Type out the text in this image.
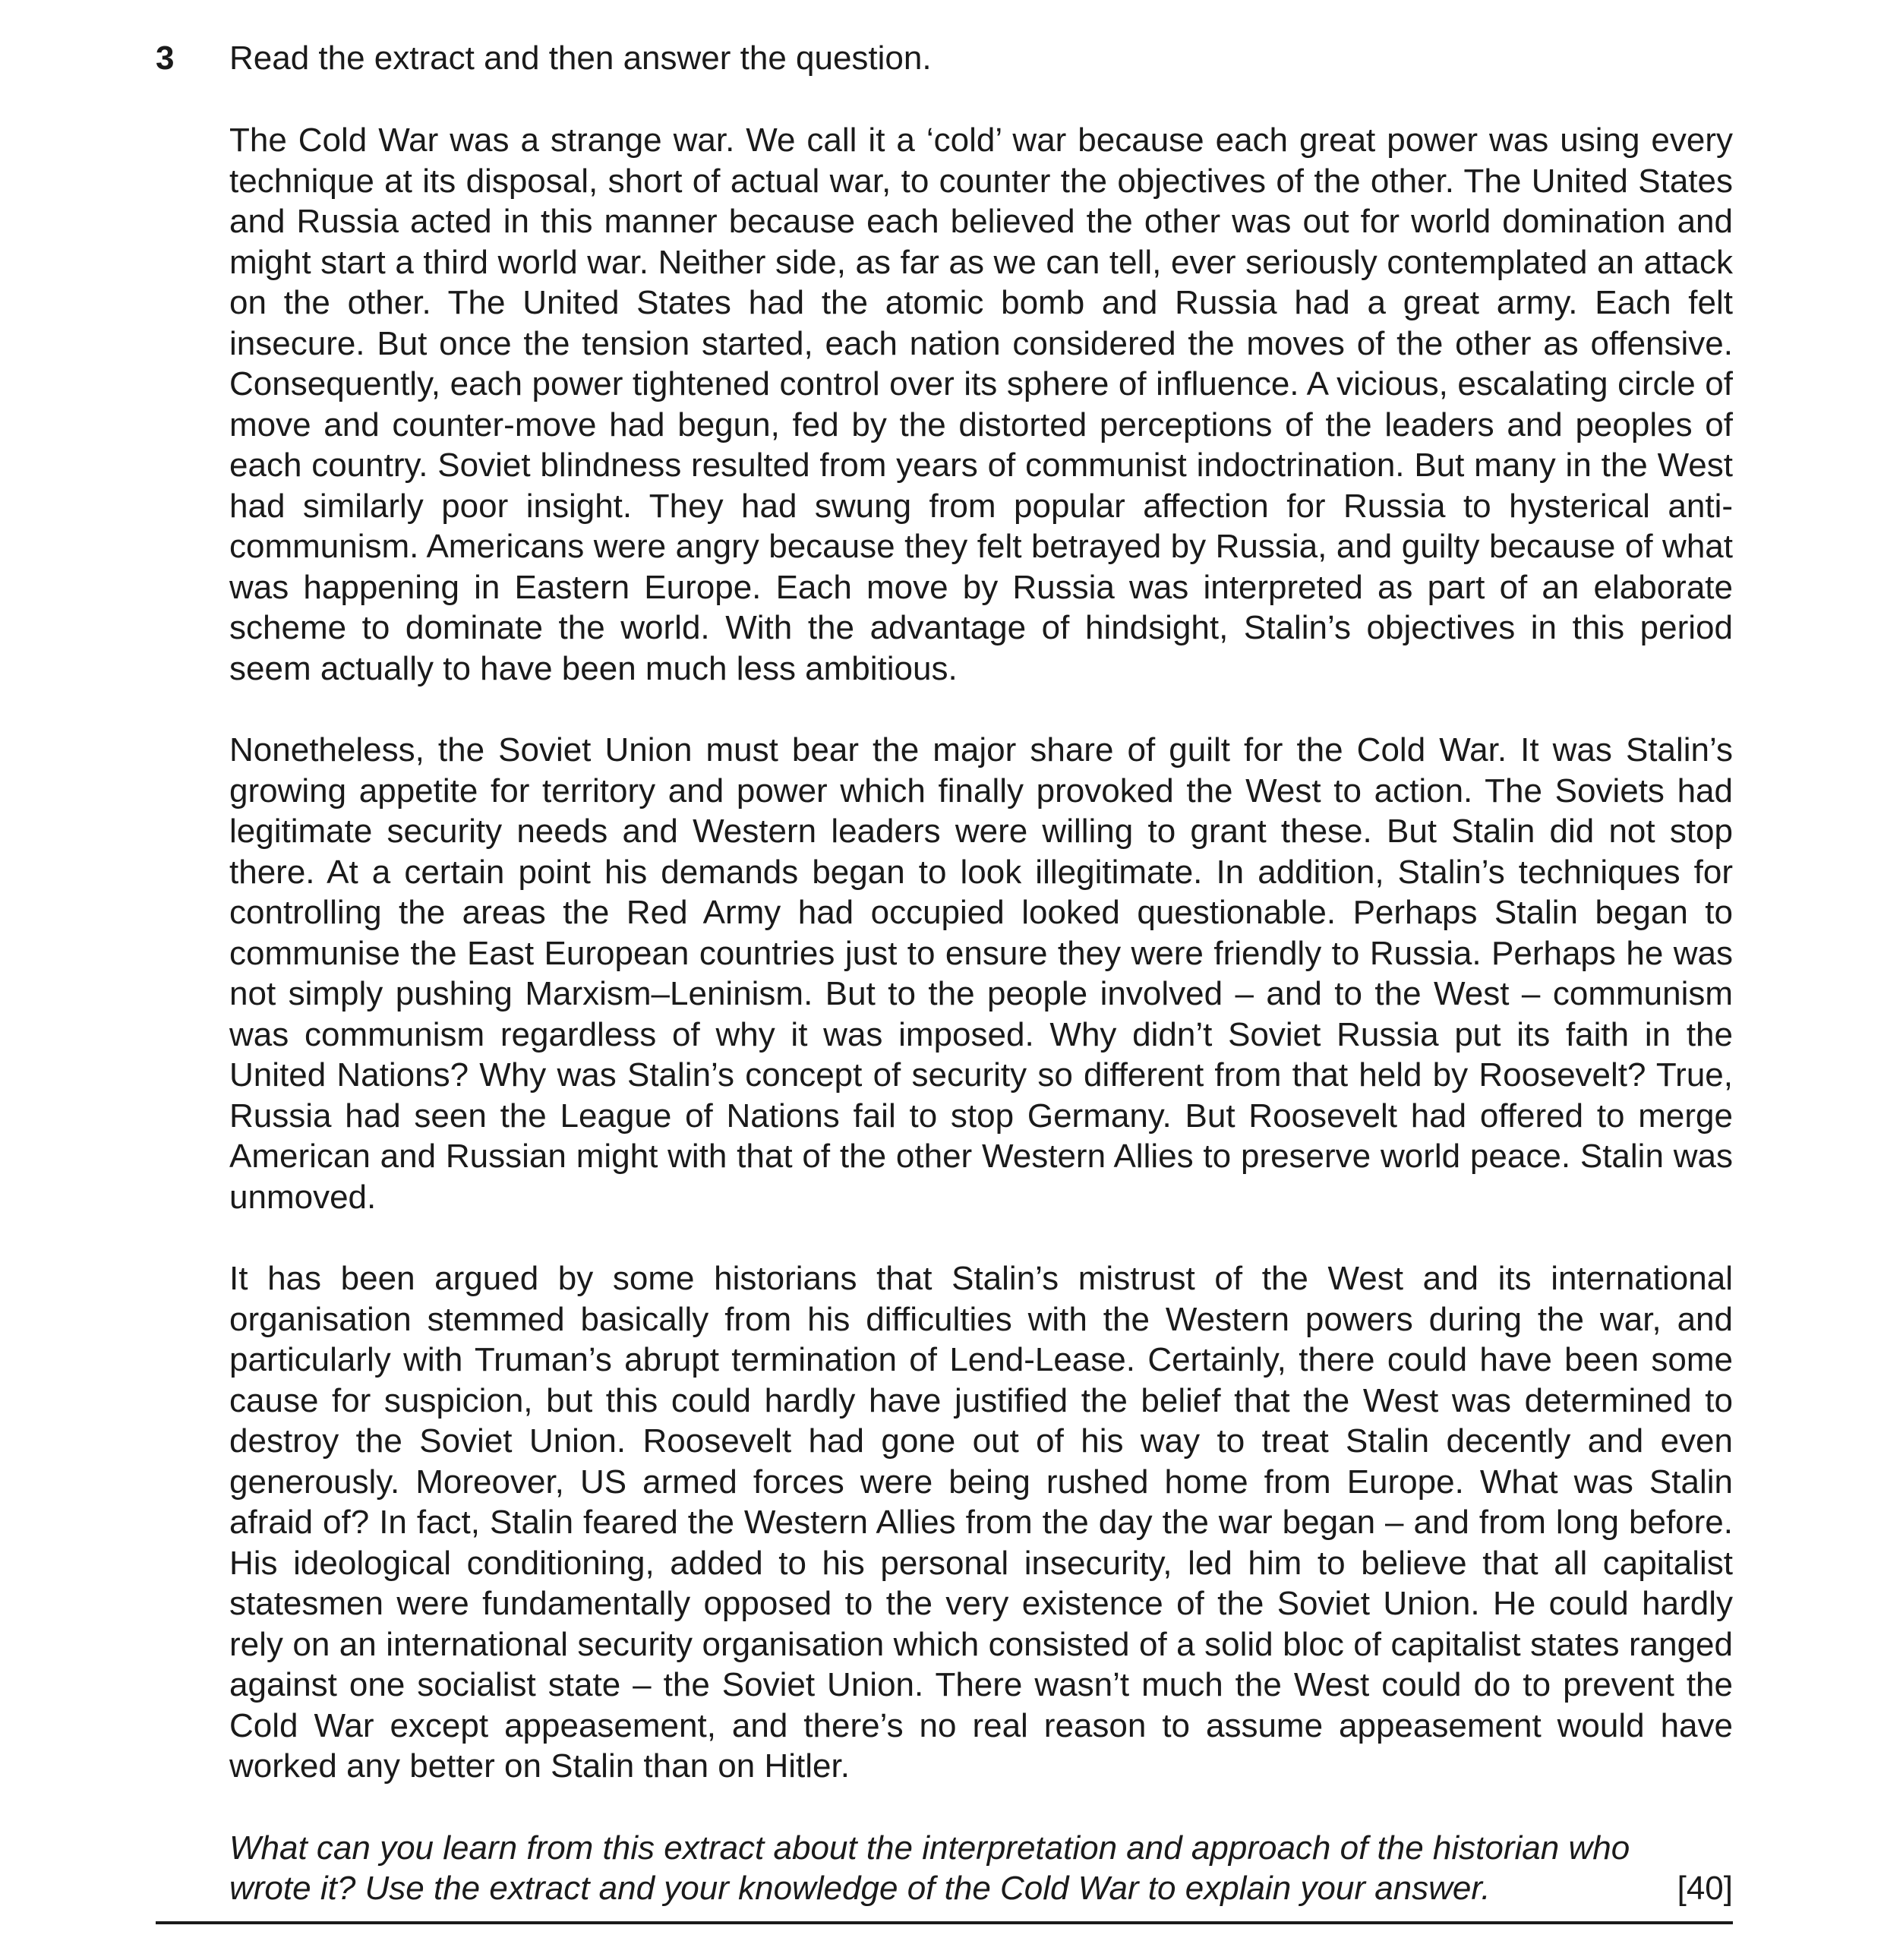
3 Read the extract and then answer the question.

The Cold War was a strange war. We call it a ‘cold’ war because each great power was using every technique at its disposal, short of actual war, to counter the objectives of the other. The United States and Russia acted in this manner because each believed the other was out for world domination and might start a third world war. Neither side, as far as we can tell, ever seriously contemplated an attack on the other. The United States had the atomic bomb and Russia had a great army. Each felt insecure. But once the tension started, each nation considered the moves of the other as offensive. Consequently, each power tightened control over its sphere of influence. A vicious, escalating circle of move and counter-move had begun, fed by the distorted perceptions of the leaders and peoples of each country. Soviet blindness resulted from years of communist indoctrination. But many in the West had similarly poor insight. They had swung from popular affection for Russia to hysterical anti-communism. Americans were angry because they felt betrayed by Russia, and guilty because of what was happening in Eastern Europe. Each move by Russia was interpreted as part of an elaborate scheme to dominate the world. With the advantage of hindsight, Stalin’s objectives in this period seem actually to have been much less ambitious.

Nonetheless, the Soviet Union must bear the major share of guilt for the Cold War. It was Stalin’s growing appetite for territory and power which finally provoked the West to action. The Soviets had legitimate security needs and Western leaders were willing to grant these. But Stalin did not stop there. At a certain point his demands began to look illegitimate. In addition, Stalin’s techniques for controlling the areas the Red Army had occupied looked questionable. Perhaps Stalin began to communise the East European countries just to ensure they were friendly to Russia. Perhaps he was not simply pushing Marxism–Leninism. But to the people involved – and to the West – communism was communism regardless of why it was imposed. Why didn’t Soviet Russia put its faith in the United Nations? Why was Stalin’s concept of security so different from that held by Roosevelt? True, Russia had seen the League of Nations fail to stop Germany. But Roosevelt had offered to merge American and Russian might with that of the other Western Allies to preserve world peace. Stalin was unmoved.

It has been argued by some historians that Stalin’s mistrust of the West and its international organisation stemmed basically from his difficulties with the Western powers during the war, and particularly with Truman’s abrupt termination of Lend-Lease. Certainly, there could have been some cause for suspicion, but this could hardly have justified the belief that the West was determined to destroy the Soviet Union. Roosevelt had gone out of his way to treat Stalin decently and even generously. Moreover, US armed forces were being rushed home from Europe. What was Stalin afraid of? In fact, Stalin feared the Western Allies from the day the war began – and from long before. His ideological conditioning, added to his personal insecurity, led him to believe that all capitalist statesmen were fundamentally opposed to the very existence of the Soviet Union. He could hardly rely on an international security organisation which consisted of a solid bloc of capitalist states ranged against one socialist state – the Soviet Union. There wasn’t much the West could do to prevent the Cold War except appeasement, and there’s no real reason to assume appeasement would have worked any better on Stalin than on Hitler.

What can you learn from this extract about the interpretation and approach of the historian who
wrote it? Use the extract and your knowledge of the Cold War to explain your answer.	[40]
